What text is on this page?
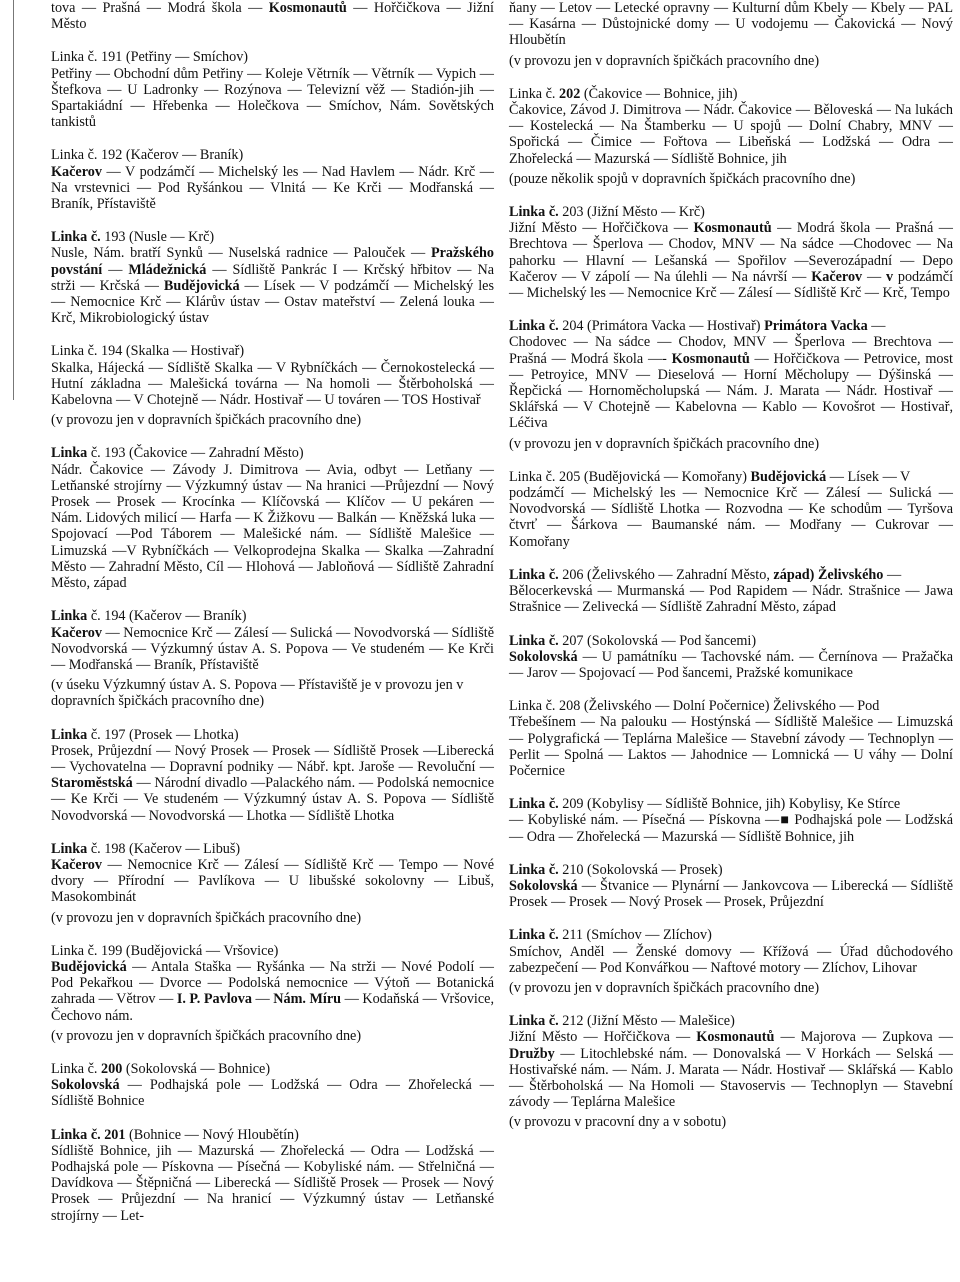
tova — Prašná — Modrá škola — Kosmonautů — Hořčičkova — Jižní Město

Linka č. 191 (Petřiny — Smíchov)

Petřiny — Obchodní dům Petřiny — Koleje Větrník — Větrník — Vypich — Štefkova — U Ladronky — Rozýnova — Televizní věž — Stadión-jih — Spartakiádní — Hřebenka — Holečkova — Smíchov, Nám. Sovětských tankistů

Linka č. 192 (Kačerov — Braník)

Kačerov — V podzámčí — Michelský les — Nad Havlem — Nádr. Krč — Na vrstevnici — Pod Ryšánkou — Vlnitá — Ke Krči — Modřanská — Braník, Přístaviště

Linka č. 193 (Nusle — Krč)

Nusle, Nám. bratří Synků — Nuselská radnice — Palouček — Pražského povstání — Mládežnická — Sídliště Pankrác I — Krčský hřbitov — Na strži — Krčská — Budějovická — Lísek — V podzámčí — Michelský les — Nemocnice Krč — Klárův ústav — Ostav mateřství — Zelená louka — Krč, Mikrobiologický ústav

Linka č. 194 (Skalka — Hostivař)

Skalka, Hájecká — Sídliště Skalka — V Rybníčkách — Černokostelecká — Hutní základna — Malešická továrna — Na homoli — Štěrboholská — Kabelovna — V Chotejně — Nádr. Hostivař — U továren — TOS Hostivař

(v provozu jen v dopravních špičkách pracovního dne)

Linka č. 193 (Čakovice — Zahradní Město)

Nádr. Čakovice — Závody J. Dimitrova — Avia, odbyt — Letňany — Letňanské strojírny — Výzkumný ústav — Na hranici —Průjezdní — Nový Prosek — Prosek — Krocínka — Klíčovská — Klíčov — U pekáren — Nám. Lidových milicí — Harfa — K Žižkovu — Balkán — Kněžská luka — Spojovací —Pod Táborem — Malešické nám. — Sídliště Malešice — Limuzská —V Rybníčkách — Velkoprodejna Skalka — Skalka —Zahradní Město — Zahradní Město, Cíl — Hlohová — Jabloňová — Sídliště Zahradní Město, západ

Linka č. 194 (Kačerov — Braník)

Kačerov — Nemocnice Krč — Zálesí — Sulická — Novodvorská — Sídliště Novodvorská — Výzkumný ústav A. S. Popova — Ve studeném — Ke Krči — Modřanská — Braník, Přístaviště

(v úseku Výzkumný ústav A. S. Popova — Přístaviště je v provozu jen v dopravních špičkách pracovního dne)

Linka č. 197 (Prosek — Lhotka)

Prosek, Průjezdní — Nový Prosek — Prosek — Sídliště Prosek —Liberecká — Vychovatelna — Dopravní podniky — Nábř. kpt. Jaroše — Revoluční — Staroměstská — Národní divadlo —Palackého nám. — Podolská nemocnice — Ke Krči — Ve studeném — Výzkumný ústav A. S. Popova — Sídliště Novodvorská — Novodvorská — Lhotka — Sídliště Lhotka

Linka č. 198 (Kačerov — Libuš)

Kačerov — Nemocnice Krč — Zálesí — Sídliště Krč — Tempo — Nové dvory — Přírodní — Pavlíkova — U libušské sokolovny — Libuš, Masokombinát

(v provozu jen v dopravních špičkách pracovního dne)

Linka č. 199 (Budějovická — Vršovice)

Budějovická — Antala Staška — Ryšánka — Na strži — Nové Podolí — Pod Pekařkou — Dvorce — Podolská nemocnice — Výtoň — Botanická zahrada — Větrov — I. P. Pavlova — Nám. Míru — Kodaňská — Vršovice, Čechovo nám.

(v provozu jen v dopravních špičkách pracovního dne)

Linka č. 200 (Sokolovská — Bohnice)

Sokolovská — Podhajská pole — Lodžská — Odra — Zhořelecká — Sídliště Bohnice

Linka č. 201 (Bohnice — Nový Hloubětín)

Sídliště Bohnice, jih — Mazurská — Zhořelecká — Odra — Lodžská — Podhajská pole — Pískovna — Písečná — Kobyliské nám. — Střelničná — Davídkova — Štěpničná — Liberecká — Sídliště Prosek — Prosek — Nový Prosek — Průjezdní — Na hranicí — Výzkumný ústav — Letňanské strojírny — Let-

ňany — Letov — Letecké opravny — Kulturní dům Kbely — Kbely — PAL — Kasárna — Důstojnické domy — U vodojemu — Čakovická — Nový Hloubětín

(v provozu jen v dopravních špičkách pracovního dne)

Linka č. 202 (Čakovice — Bohnice, jih)

Čakovice, Závod J. Dimitrova — Nádr. Čakovice — Běloveská — Na lukách — Kostelecká — Na Štamberku — U spojů — Dolní Chabry, MNV — Spořická — Čimice — Fořtova — Libeňská — Lodžská — Odra — Zhořelecká — Mazurská — Sídliště Bohnice, jih

(pouze několik spojů v dopravních špičkách pracovního dne)

Linka č. 203 (Jižní Město — Krč)

Jižní Město — Hořčičkova — Kosmonautů — Modrá škola — Prašná — Brechtova — Šperlova — Chodov, MNV — Na sádce —Chodovec — Na pahorku — Hlavní — Lešanská — Spořilov —Severozápadní — Depo Kačerov — V zápolí — Na úlehli — Na návrší — Kačerov — v podzámčí — Michelský les — Nemocnice Krč — Zálesí — Sídliště Krč — Krč, Tempo

Linka č. 204 (Primátora Vacka — Hostivař) Primátora Vacka —

Chodovec — Na sádce — Chodov, MNV — Šperlova — Brechtova — Prašná — Modrá škola —- Kosmonautů — Hořčičkova — Petrovice, most — Petroyice, MNV — Dieselová — Horní Měcholupy — Dýšinská — Řepčická — Hornoměcholupská — Nám. J. Marata — Nádr. Hostivař — Sklářská — V Chotejně — Kabelovna — Kablo — Kovošrot — Hostivař, Léčiva

(v provozu jen v dopravních špičkách pracovního dne)

Linka č. 205 (Budějovická — Komořany) Budějovická — Lísek — V

podzámčí — Michelský les — Nemocnice Krč — Zálesí — Sulická — Novodvorská — Sídliště Lhotka — Rozvodna — Ke schodům — Tyršova čtvrť — Šárkova — Baumanské nám. — Modřany — Cukrovar — Komořany

Linka č. 206 (Želivského — Zahradní Město, západ) Želivského —

Bělocerkevská — Murmanská — Pod Rapidem — Nádr. Strašnice — Jawa Strašnice — Zelivecká — Sídliště Zahradní Město, západ

Linka č. 207 (Sokolovská — Pod šancemi)

Sokolovská — U památníku — Tachovské nám. — Černínova — Pražačka — Jarov — Spojovací — Pod šancemi, Pražské komunikace

Linka č. 208 (Želivského — Dolní Počernice) Želivského — Pod

Třebešínem — Na palouku — Hostýnská — Sídliště Malešice — Limuzská — Polygrafická — Teplárna Malešice — Stavební závody — Technoplyn — Perlit — Spolná — Laktos — Jahodnice — Lomnická — U váhy — Dolní Počernice

Linka č. 209 (Kobylisy — Sídliště Bohnice, jih) Kobylisy, Ke Stírce

— Kobyliské nám. — Písečná — Pískovna —■ Podhajská pole — Lodžská — Odra — Zhořelecká — Mazurská — Sídliště Bohnice, jih

Linka č. 210 (Sokolovská — Prosek)

Sokolovská — Štvanice — Plynární — Jankovcova — Liberecká — Sídliště Prosek — Prosek — Nový Prosek — Prosek, Průjezdní

Linka č. 211 (Smíchov — Zlíchov)

Smíchov, Anděl — Ženské domovy — Křížová — Úřad důchodového zabezpečení — Pod Konvářkou — Naftové motory — Zlíchov, Lihovar

(v provozu jen v dopravních špičkách pracovního dne)

Linka č. 212 (Jižní Město — Malešice)

Jižní Město — Hořčičkova — Kosmonautů — Majorova — Zupkova — Družby — Litochlebské nám. — Donovalská — V Horkách — Selská — Hostivařské nám. — Nám. J. Marata — Nádr. Hostivař — Sklářská — Kablo — Štěrboholská — Na Homoli — Stavoservis — Technoplyn — Stavební závody — Teplárna Malešice

(v provozu v pracovní dny a v sobotu)
